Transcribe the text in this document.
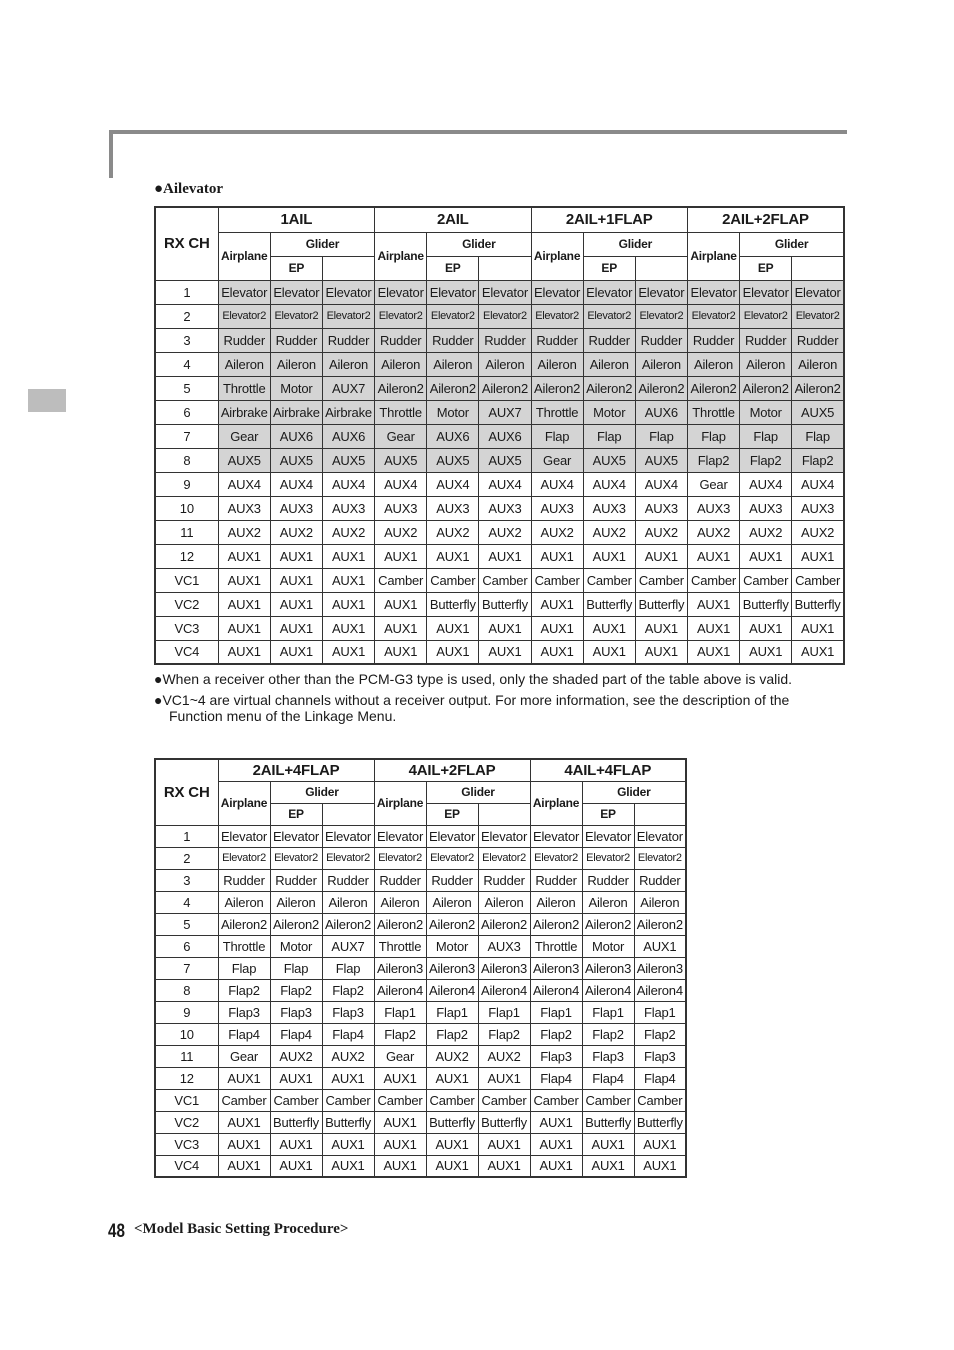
●Ailevator
RX CH	1AIL			2AIL			2AIL+1FLAP			2AIL+2FLAP		
	Airplane	Glider		Airplane	Glider		Airplane	Glider		Airplane	Glider	
		EP			EP			EP			EP	
1	Elevator	Elevator	Elevator	Elevator	Elevator	Elevator	Elevator	Elevator	Elevator	Elevator	Elevator	Elevator
2	Elevator2	Elevator2	Elevator2	Elevator2	Elevator2	Elevator2	Elevator2	Elevator2	Elevator2	Elevator2	Elevator2	Elevator2
3	Rudder	Rudder	Rudder	Rudder	Rudder	Rudder	Rudder	Rudder	Rudder	Rudder	Rudder	Rudder
4	Aileron	Aileron	Aileron	Aileron	Aileron	Aileron	Aileron	Aileron	Aileron	Aileron	Aileron	Aileron
5	Throttle	Motor	AUX7	Aileron2	Aileron2	Aileron2	Aileron2	Aileron2	Aileron2	Aileron2	Aileron2	Aileron2
6	Airbrake	Airbrake	Airbrake	Throttle	Motor	AUX7	Throttle	Motor	AUX6	Throttle	Motor	AUX5
7	Gear	AUX6	AUX6	Gear	AUX6	AUX6	Flap	Flap	Flap	Flap	Flap	Flap
8	AUX5	AUX5	AUX5	AUX5	AUX5	AUX5	Gear	AUX5	AUX5	Flap2	Flap2	Flap2
9	AUX4	AUX4	AUX4	AUX4	AUX4	AUX4	AUX4	AUX4	AUX4	Gear	AUX4	AUX4
10	AUX3	AUX3	AUX3	AUX3	AUX3	AUX3	AUX3	AUX3	AUX3	AUX3	AUX3	AUX3
11	AUX2	AUX2	AUX2	AUX2	AUX2	AUX2	AUX2	AUX2	AUX2	AUX2	AUX2	AUX2
12	AUX1	AUX1	AUX1	AUX1	AUX1	AUX1	AUX1	AUX1	AUX1	AUX1	AUX1	AUX1
VC1	AUX1	AUX1	AUX1	Camber	Camber	Camber	Camber	Camber	Camber	Camber	Camber	Camber
VC2	AUX1	AUX1	AUX1	AUX1	Butterfly	Butterfly	AUX1	Butterfly	Butterfly	AUX1	Butterfly	Butterfly
VC3	AUX1	AUX1	AUX1	AUX1	AUX1	AUX1	AUX1	AUX1	AUX1	AUX1	AUX1	AUX1
VC4	AUX1	AUX1	AUX1	AUX1	AUX1	AUX1	AUX1	AUX1	AUX1	AUX1	AUX1	AUX1

●When a receiver other than the PCM-G3 type is used, only the shaded part of the table above is valid.

●VC1~4 are virtual channels without a receiver output. For more information, see the description of the Function menu of the Linkage Menu.

RX CH	2AIL+4FLAP			4AIL+2FLAP			4AIL+4FLAP		
	Airplane	Glider		Airplane	Glider		Airplane	Glider	
		EP			EP			EP	
1	Elevator	Elevator	Elevator	Elevator	Elevator	Elevator	Elevator	Elevator	Elevator
2	Elevator2	Elevator2	Elevator2	Elevator2	Elevator2	Elevator2	Elevator2	Elevator2	Elevator2
3	Rudder	Rudder	Rudder	Rudder	Rudder	Rudder	Rudder	Rudder	Rudder
4	Aileron	Aileron	Aileron	Aileron	Aileron	Aileron	Aileron	Aileron	Aileron
5	Aileron2	Aileron2	Aileron2	Aileron2	Aileron2	Aileron2	Aileron2	Aileron2	Aileron2
6	Throttle	Motor	AUX7	Throttle	Motor	AUX3	Throttle	Motor	AUX1
7	Flap	Flap	Flap	Aileron3	Aileron3	Aileron3	Aileron3	Aileron3	Aileron3
8	Flap2	Flap2	Flap2	Aileron4	Aileron4	Aileron4	Aileron4	Aileron4	Aileron4
9	Flap3	Flap3	Flap3	Flap1	Flap1	Flap1	Flap1	Flap1	Flap1
10	Flap4	Flap4	Flap4	Flap2	Flap2	Flap2	Flap2	Flap2	Flap2
11	Gear	AUX2	AUX2	Gear	AUX2	AUX2	Flap3	Flap3	Flap3
12	AUX1	AUX1	AUX1	AUX1	AUX1	AUX1	Flap4	Flap4	Flap4
VC1	Camber	Camber	Camber	Camber	Camber	Camber	Camber	Camber	Camber
VC2	AUX1	Butterfly	Butterfly	AUX1	Butterfly	Butterfly	AUX1	Butterfly	Butterfly
VC3	AUX1	AUX1	AUX1	AUX1	AUX1	AUX1	AUX1	AUX1	AUX1
VC4	AUX1	AUX1	AUX1	AUX1	AUX1	AUX1	AUX1	AUX1	AUX1
48 <Model Basic Setting Procedure>
